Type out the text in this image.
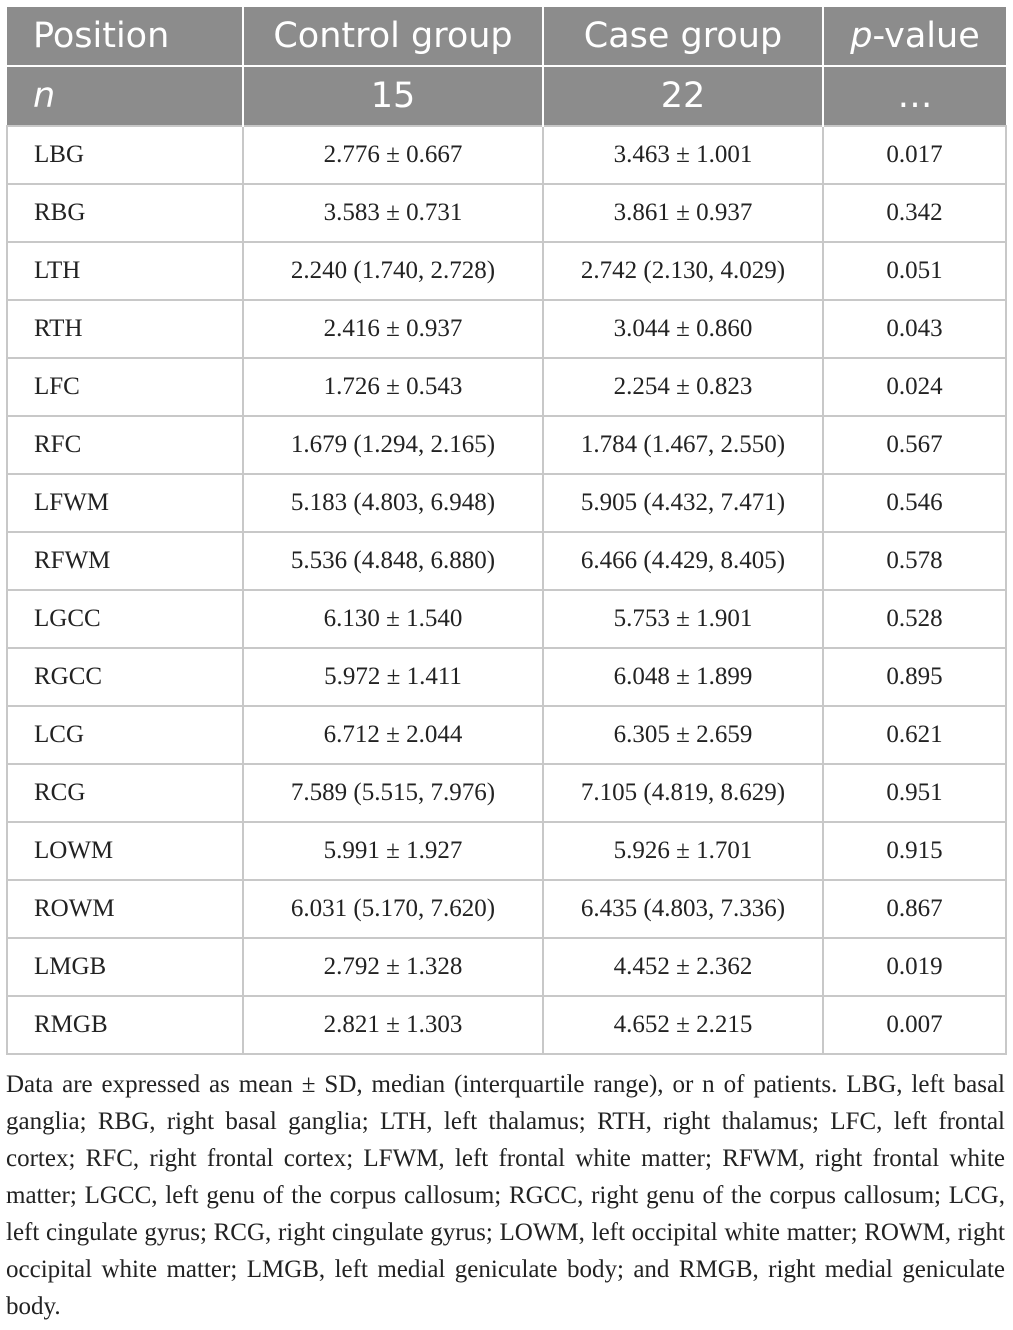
Position	Control group	Case group	p-value
n	15	22	…
LBG	2.776 ± 0.667	3.463 ± 1.001	0.017
RBG	3.583 ± 0.731	3.861 ± 0.937	0.342
LTH	2.240 (1.740, 2.728)	2.742 (2.130, 4.029)	0.051
RTH	2.416 ± 0.937	3.044 ± 0.860	0.043
LFC	1.726 ± 0.543	2.254 ± 0.823	0.024
RFC	1.679 (1.294, 2.165)	1.784 (1.467, 2.550)	0.567
LFWM	5.183 (4.803, 6.948)	5.905 (4.432, 7.471)	0.546
RFWM	5.536 (4.848, 6.880)	6.466 (4.429, 8.405)	0.578
LGCC	6.130 ± 1.540	5.753 ± 1.901	0.528
RGCC	5.972 ± 1.411	6.048 ± 1.899	0.895
LCG	6.712 ± 2.044	6.305 ± 2.659	0.621
RCG	7.589 (5.515, 7.976)	7.105 (4.819, 8.629)	0.951
LOWM	5.991 ± 1.927	5.926 ± 1.701	0.915
ROWM	6.031 (5.170, 7.620)	6.435 (4.803, 7.336)	0.867
LMGB	2.792 ± 1.328	4.452 ± 2.362	0.019
RMGB	2.821 ± 1.303	4.652 ± 2.215	0.007

Data are expressed as mean ± SD, median (interquartile range), or n of patients. LBG, left basal ganglia; RBG, right basal ganglia; LTH, left thalamus; RTH, right thalamus; LFC, left frontal cortex; RFC, right frontal cortex; LFWM, left frontal white matter; RFWM, right frontal white matter; LGCC, left genu of the corpus callosum; RGCC, right genu of the corpus callosum; LCG, left cingulate gyrus; RCG, right cingulate gyrus; LOWM, left occipital white matter; ROWM, right occipital white matter; LMGB, left medial geniculate body; and RMGB, right medial geniculate body.
